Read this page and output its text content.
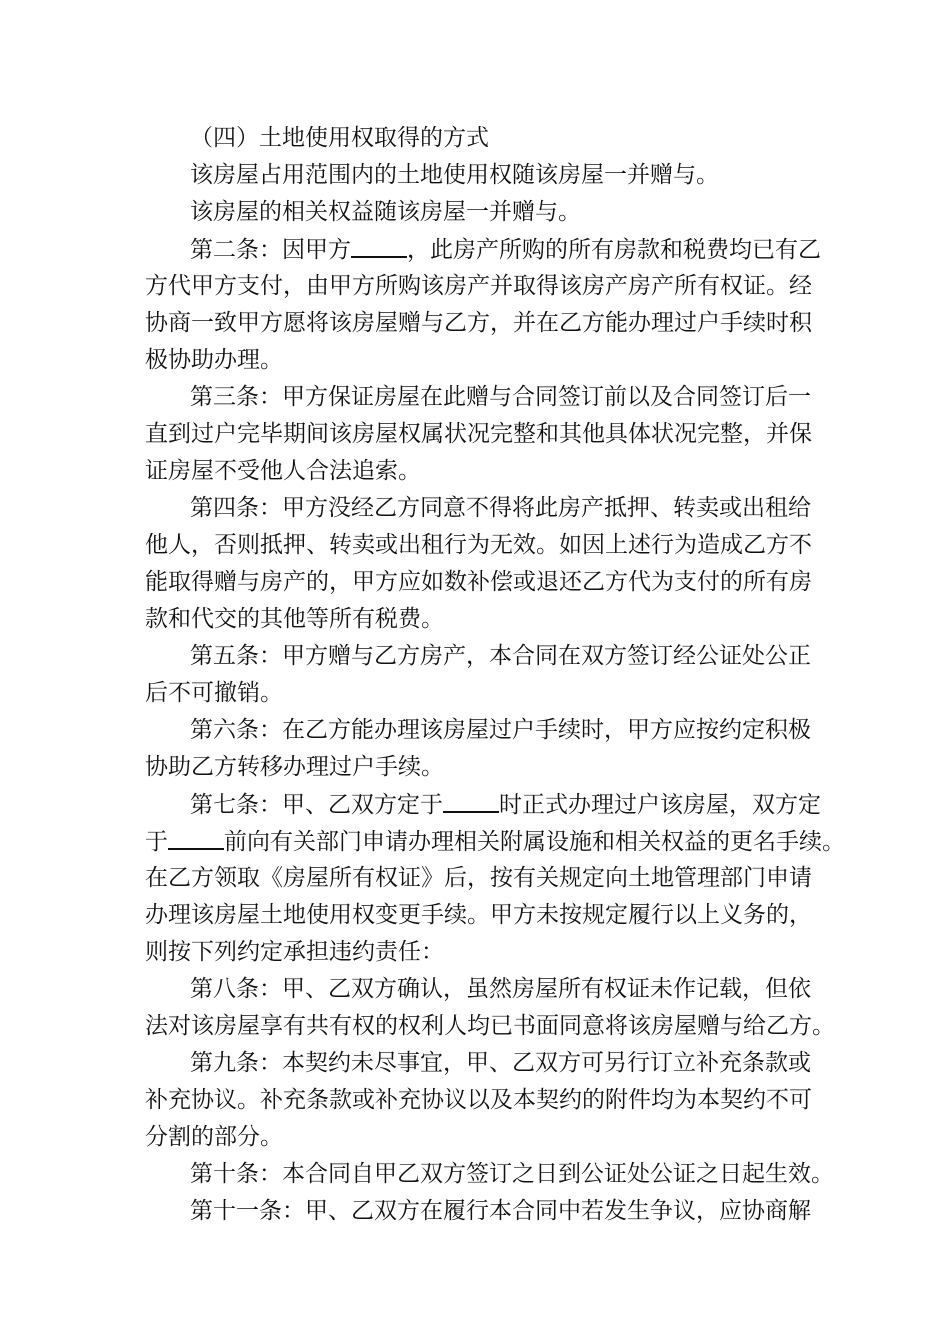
（四）土地使用权取得的方式
该房屋占用范围内的土地使用权随该房屋一并赠与。
该房屋的相关权益随该房屋一并赠与。
第二条：因甲方 ，此房产所购的所有房款和税费均已有乙
方代甲方支付，由甲方所购该房产并取得该房产房产所有权证。经
协商一致甲方愿将该房屋赠与乙方，并在乙方能办理过户手续时积
极协助办理。
第三条：甲方保证房屋在此赠与合同签订前以及合同签订后一
直到过户完毕期间该房屋权属状况完整和其他具体状况完整，并保
证房屋不受他人合法追索。
第四条：甲方没经乙方同意不得将此房产抵押、转卖或出租给
他人，否则抵押、转卖或出租行为无效。如因上述行为造成乙方不
能取得赠与房产的，甲方应如数补偿或退还乙方代为支付的所有房
款和代交的其他等所有税费。
第五条：甲方赠与乙方房产，本合同在双方签订经公证处公正
后不可撤销。
第六条：在乙方能办理该房屋过户手续时，甲方应按约定积极
协助乙方转移办理过户手续。
第七条：甲、乙双方定于 时正式办理过户该房屋，双方定
于 前向有关部门申请办理相关附属设施和相关权益的更名手续。
在乙方领取《房屋所有权证》后，按有关规定向土地管理部门申请
办理该房屋土地使用权变更手续。甲方未按规定履行以上义务的，
则按下列约定承担违约责任：
第八条：甲、乙双方确认，虽然房屋所有权证未作记载，但依
法对该房屋享有共有权的权利人均已书面同意将该房屋赠与给乙方。
第九条：本契约未尽事宜，甲、乙双方可另行订立补充条款或
补充协议。补充条款或补充协议以及本契约的附件均为本契约不可
分割的部分。
第十条：本合同自甲乙双方签订之日到公证处公证之日起生效。
第十一条：甲、乙双方在履行本合同中若发生争议，应协商解
